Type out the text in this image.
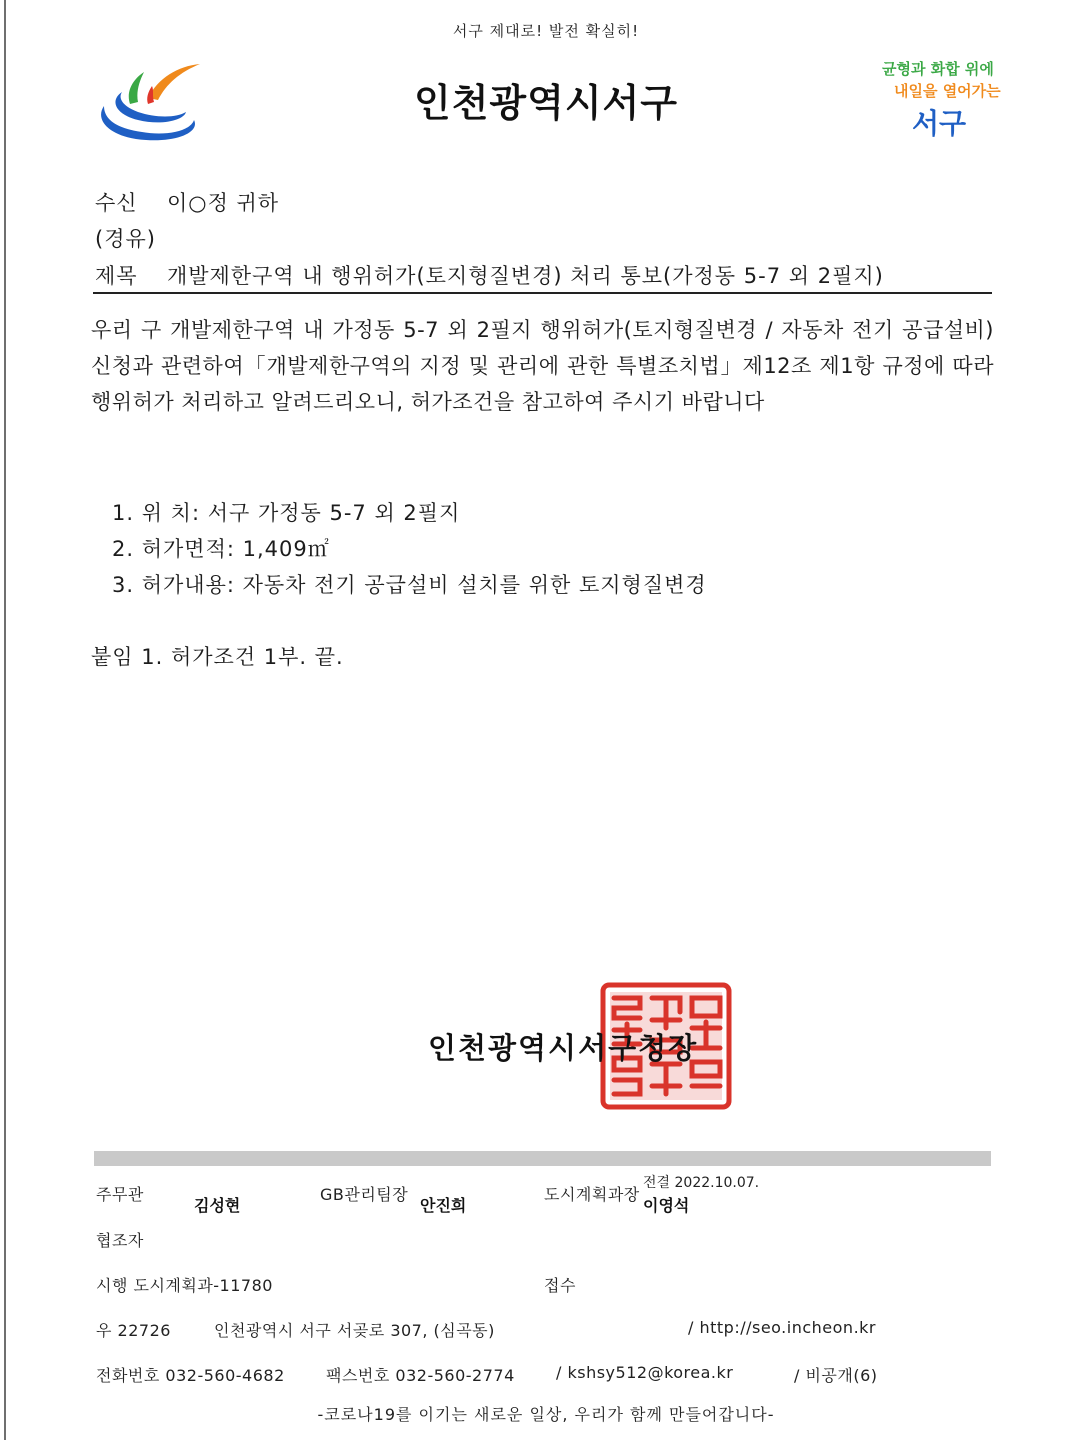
서구 제대로! 발전 확실히!
인천광역시서구
균형과 화합 위에
내일을 열어가는
서구
수신 이○정 귀하
(경유)
제목 개발제한구역 내 행위허가(토지형질변경) 처리 통보(가정동 5-7 외 2필지)
우리 구 개발제한구역 내 가정동 5-7 외 2필지 행위허가(토지형질변경 / 자동차 전기 공급설비) 신청과 관련하여「개발제한구역의 지정 및 관리에 관한 특별조치법」제12조 제1항 규정에 따라 행위허가 처리하고 알려드리오니, 허가조건을 참고하여 주시기 바랍니다
1. 위 치: 서구 가정동 5-7 외 2필지
2. 허가면적: 1,409㎡
3. 허가내용: 자동차 전기 공급설비 설치를 위한 토지형질변경
붙임 1. 허가조건 1부. 끝.
인천광역시서구청장
주무관
김성현
GB관리팀장
안진희
도시계획과장
전결 2022.10.07.
이영석
협조자
시행 도시계획과-11780	접수
우 22726	인천광역시 서구 서곶로 307, (심곡동)	/ http://seo.incheon.kr
전화번호 032-560-4682	팩스번호 032-560-2774	/ kshsy512@korea.kr	/ 비공개(6)
-코로나19를 이기는 새로운 일상, 우리가 함께 만들어갑니다-
